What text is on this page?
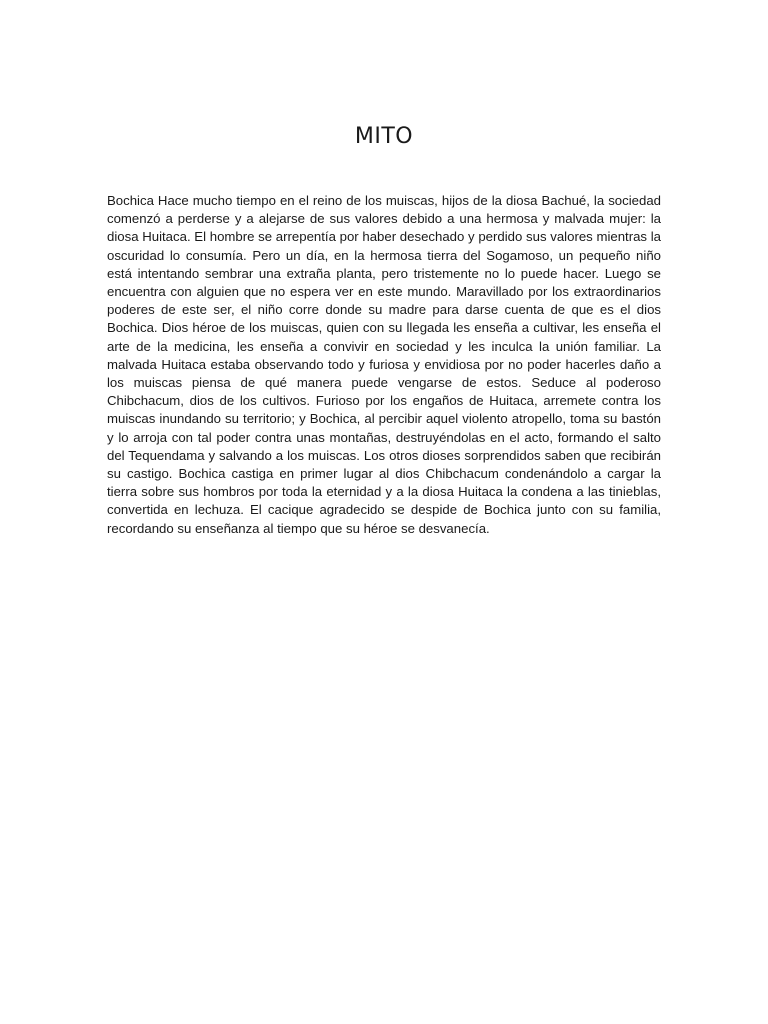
MITO

Bochica Hace mucho tiempo en el reino de los muiscas, hijos de la diosa Bachué, la sociedad comenzó a perderse y a alejarse de sus valores debido a una hermosa y malvada mujer: la diosa Huitaca. El hombre se arrepentía por haber desechado y perdido sus valores mientras la oscuridad lo consumía. Pero un día, en la hermosa tierra del Sogamoso, un pequeño niño está intentando sembrar una extraña planta, pero tristemente no lo puede hacer. Luego se encuentra con alguien que no espera ver en este mundo. Maravillado por los extraordinarios poderes de este ser, el niño corre donde su madre para darse cuenta de que es el dios Bochica. Dios héroe de los muiscas, quien con su llegada les enseña a cultivar, les enseña el arte de la medicina, les enseña a convivir en sociedad y les inculca la unión familiar. La malvada Huitaca estaba observando todo y furiosa y envidiosa por no poder hacerles daño a los muiscas piensa de qué manera puede vengarse de estos. Seduce al poderoso Chibchacum, dios de los cultivos. Furioso por los engaños de Huitaca, arremete contra los muiscas inundando su territorio; y Bochica, al percibir aquel violento atropello, toma su bastón y lo arroja con tal poder contra unas montañas, destruyéndolas en el acto, formando el salto del Tequendama y salvando a los muiscas. Los otros dioses sorprendidos saben que recibirán su castigo. Bochica castiga en primer lugar al dios Chibchacum condenándolo a cargar la tierra sobre sus hombros por toda la eternidad y a la diosa Huitaca la condena a las tinieblas, convertida en lechuza. El cacique agradecido se despide de Bochica junto con su familia, recordando su enseñanza al tiempo que su héroe se desvanecía.
